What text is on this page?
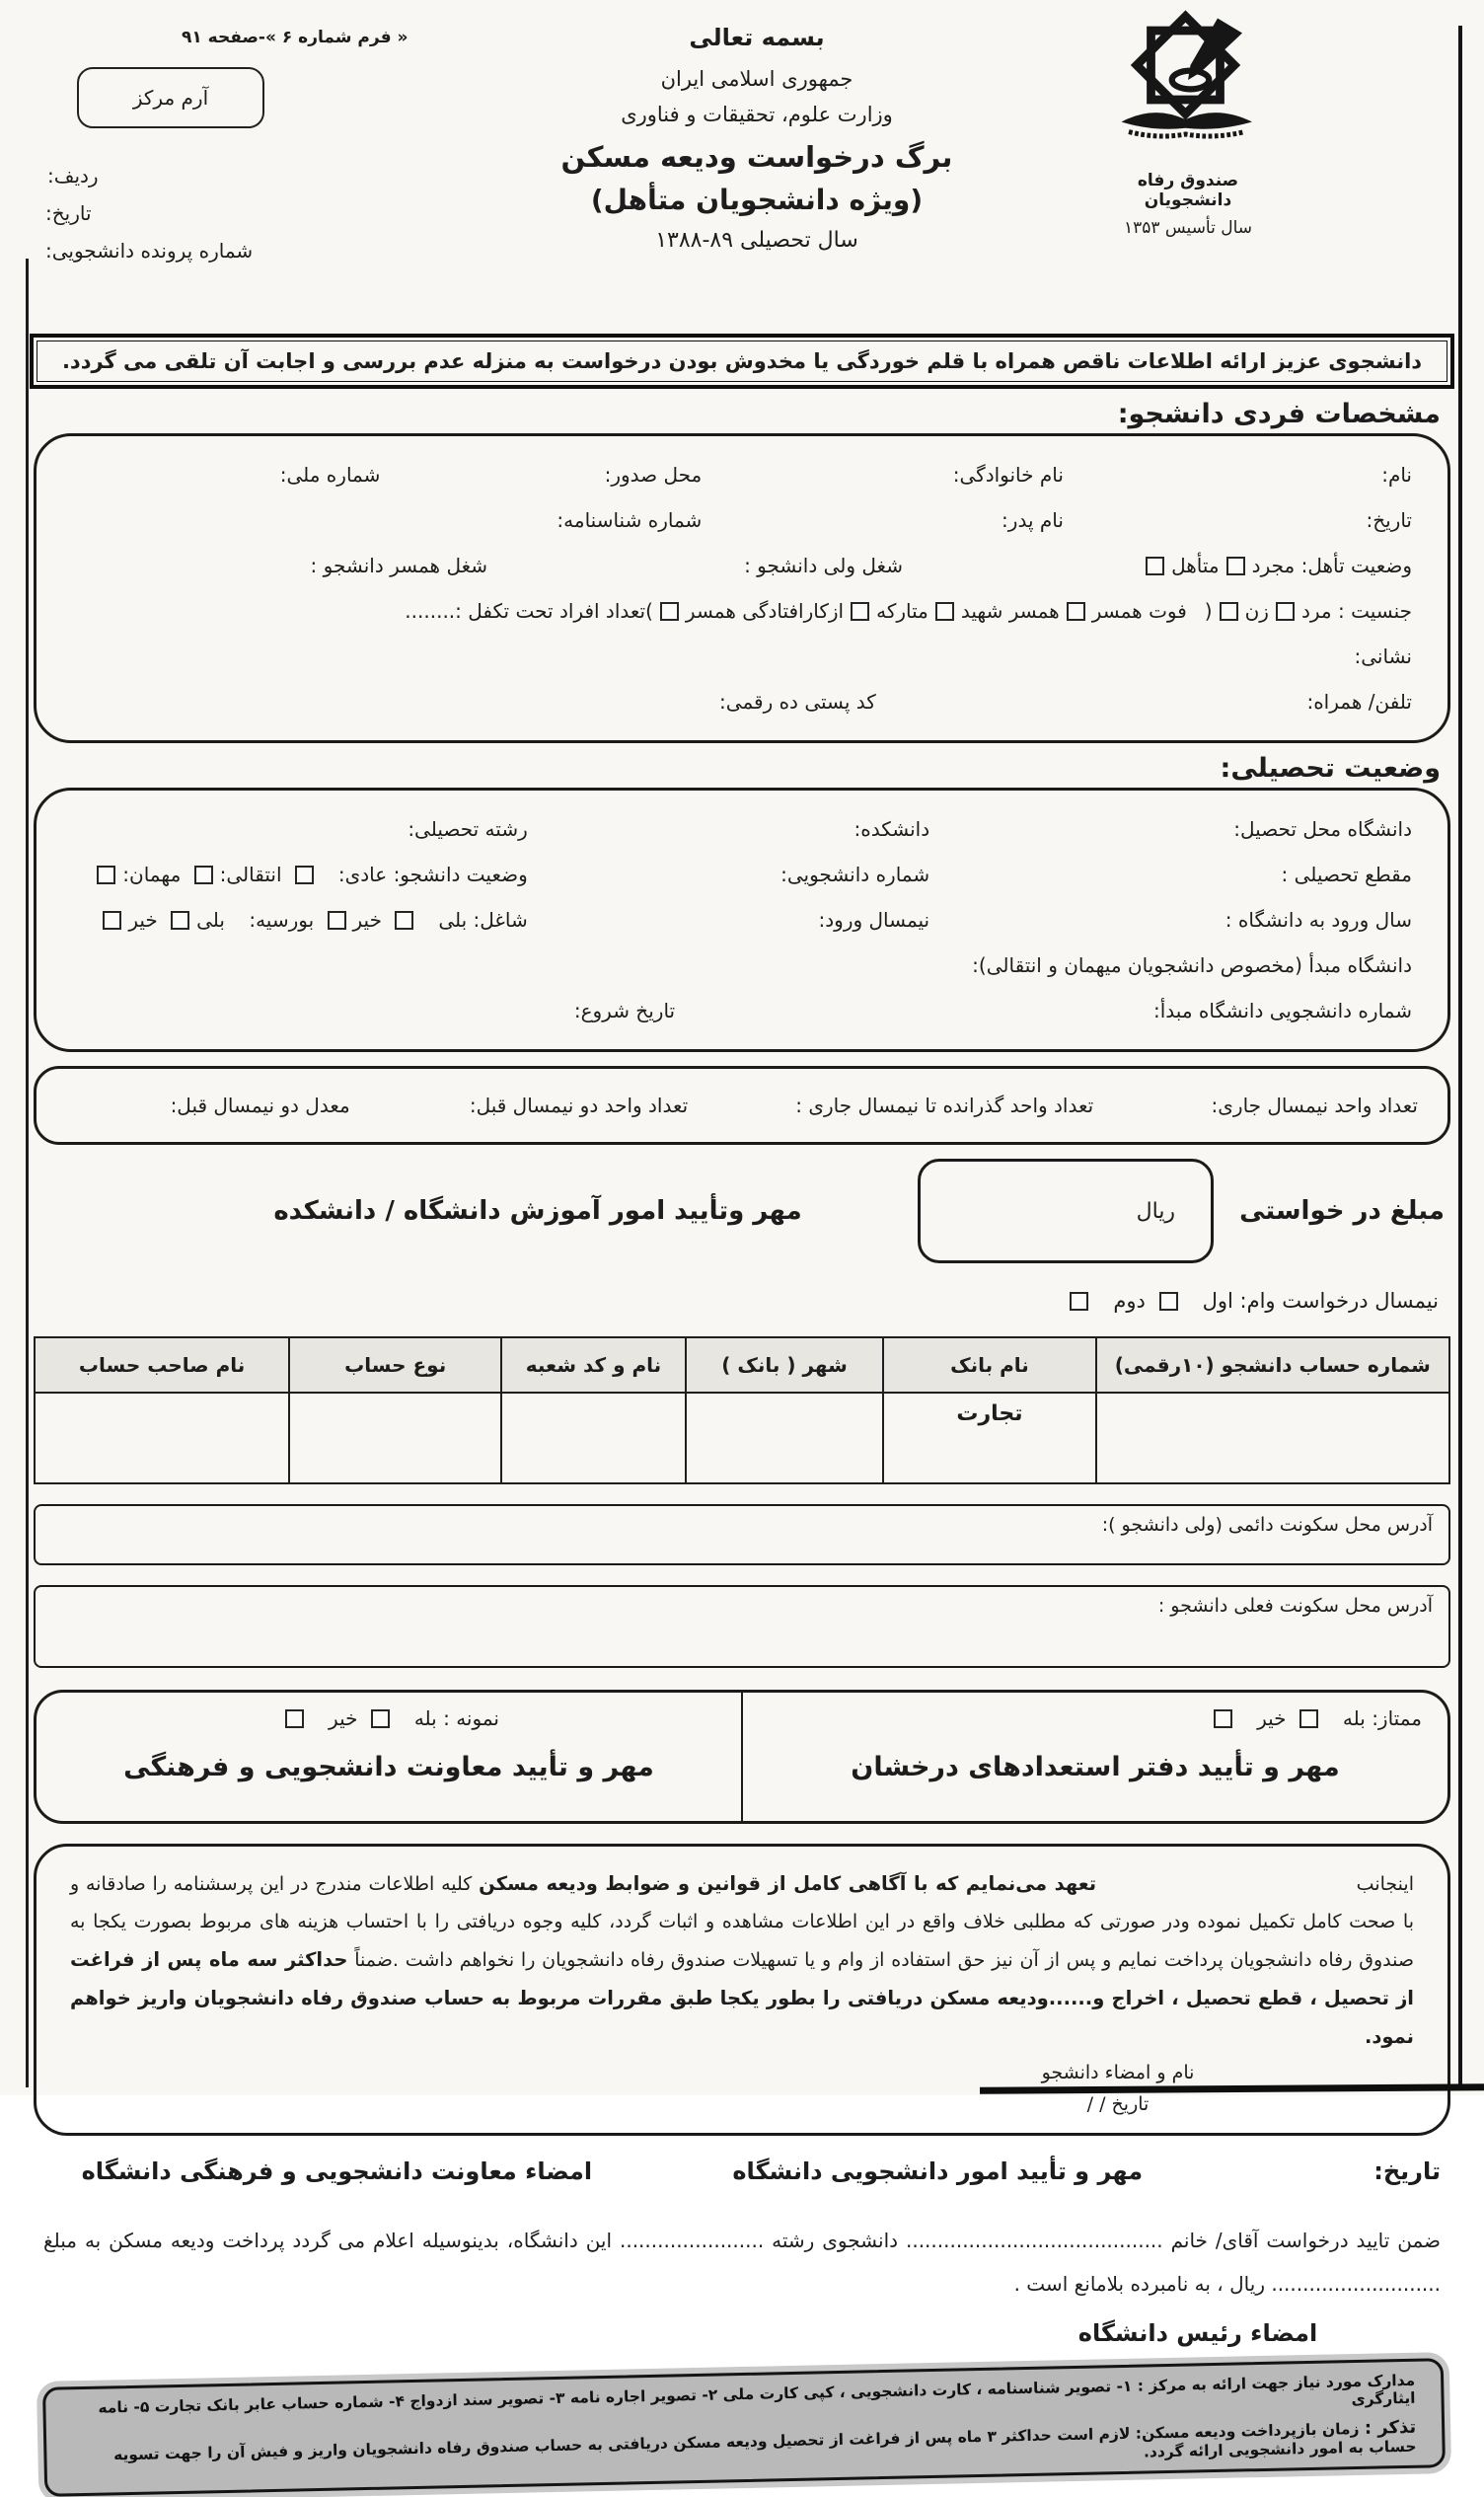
صندوق رفاه دانشجویان
سال تأسیس ۱۳۵۳
بسمه تعالی
جمهوری اسلامی ایران
وزارت علوم، تحقیقات و فناوری
برگ درخواست ودیعه مسکن
(ویژه دانشجویان متأهل)
سال تحصیلی ۱۳۸۸-۸۹
« فرم شماره ۶ »-صفحه ۹۱
آرم مرکز
ردیف:
تاریخ:
شماره پرونده دانشجویی:
دانشجوی عزیز ارائه اطلاعات ناقص همراه با قلم خوردگی یا مخدوش بودن درخواست به منزله عدم بررسی و اجابت آن تلقی می گردد.
مشخصات فردی دانشجو:
نام:
نام خانوادگی:
محل صدور:
شماره ملی:
تاریخ:
نام پدر:
شماره شناسنامه:
وضعیت تأهل: مجردمتأهل
شغل ولی دانشجو :
شغل همسر دانشجو :
جنسیت : مردزن
(
فوت همسر
همسر شهید
متارکه
ازکارافتادگی همسر
)
تعداد افراد تحت تکفل :........
نشانی:
تلفن/ همراه:
کد پستی ده رقمی:
وضعیت تحصیلی:
دانشگاه محل تحصیل:
دانشکده:
رشته تحصیلی:
مقطع تحصیلی :
شماره دانشجویی:
وضعیت دانشجو: عادی: انتقالی: مهمان:
سال ورود به دانشگاه :
نیمسال ورود:
شاغل: بلی خیر بورسیه: بلی خیر
دانشگاه مبدأ (مخصوص دانشجویان میهمان و انتقالی):
شماره دانشجویی دانشگاه مبدأ:
تاریخ شروع:
تعداد واحد نیمسال جاری:
تعداد واحد گذرانده تا نیمسال جاری :
تعداد واحد دو نیمسال قبل:
معدل دو نیمسال قبل:
مبلغ در خواستی
ریال
مهر وتأیید امور آموزش دانشگاه / دانشکده
نیمسال درخواست وام: اول دوم
شماره حساب دانشجو (۱۰رقمی)	نام بانک	شهر ( بانک )	نام و کد شعبه	نوع حساب	نام صاحب حساب
	تجارت				
آدرس محل سکونت دائمی (ولی دانشجو ):
آدرس محل سکونت فعلی دانشجو :
ممتاز: بله خیر
مهر و تأیید دفتر استعدادهای درخشان
نمونه : بله خیر
مهر و تأیید معاونت دانشجویی و فرهنگی

اینجانب  تعهد می‌نمایم که با آگاهی کامل از قوانین و ضوابط ودیعه مسکن کلیه اطلاعات مندرج در این پرسشنامه را صادقانه و با صحت کامل تکمیل نموده ودر صورتی که مطلبی خلاف واقع در این اطلاعات مشاهده و اثبات گردد، کلیه وجوه دریافتی را با احتساب هزینه های مربوط بصورت یکجا به صندوق رفاه دانشجویان پرداخت نمایم و پس از آن نیز حق استفاده از وام و یا تسهیلات صندوق رفاه دانشجویان را نخواهم داشت .ضمناً حداکثر سه ماه پس از فراغت از تحصیل ، قطع تحصیل ، اخراج و......ودیعه مسکن دریافتی را بطور یکجا طبق مقررات مربوط به حساب صندوق رفاه دانشجویان واریز خواهم نمود.

نام و امضاء دانشجو
تاریخ / /
تاریخ:
مهر و تأیید امور دانشجویی دانشگاه
امضاء معاونت دانشجویی و فرهنگی دانشگاه

ضمن تایید درخواست آقای/ خانم ......................................... دانشجوی رشته ....................... این دانشگاه، بدینوسیله اعلام می گردد پرداخت ودیعه مسکن به مبلغ ........................... ریال ، به نامبرده بلامانع است .

امضاء رئیس دانشگاه
مدارک مورد نیاز جهت ارائه به مرکز : ۱- تصویر شناسنامه ، کارت دانشجویی ، کپی کارت ملی ۲- تصویر اجاره نامه ۳- تصویر سند ازدواج ۴- شماره حساب عابر بانک تجارت ۵- نامه ایثارگری
تذکر : زمان بازپرداخت ودیعه مسکن: لازم است حداکثر ۳ ماه پس از فراغت از تحصیل ودیعه مسکن دریافتی به حساب صندوق رفاه دانشجویان واریز و فیش آن را جهت تسویه حساب به امور دانشجویی ارائه گردد.
